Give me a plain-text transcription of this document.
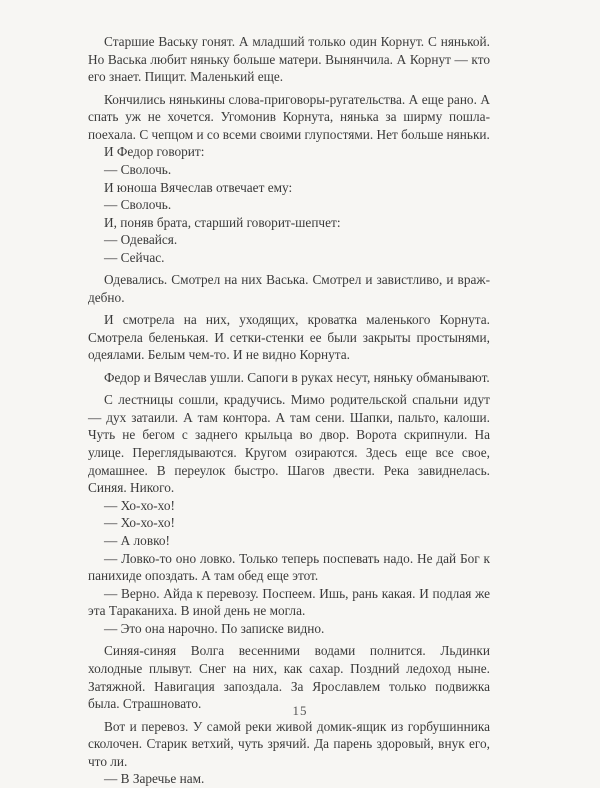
Старшие Ваську гонят. А младший только один Корнут. С нянькой. Но Васька любит няньку больше матери. Вынянчила. А Корнут — кто его знает. Пищит. Маленький еще.

Кончились нянькины слова-приговоры-ругательства. А еще рано. А спать уж не хочется. Угомонив Корнута, нянька за ширму пошла-поехала. С чепцом и со всеми своими глупостями. Нет больше няньки.

И Федор говорит:

— Сволочь.

И юноша Вячеслав отвечает ему:

— Сволочь.

И, поняв брата, старший говорит-шепчет:

— Одевайся.

— Сейчас.

Одевались. Смотрел на них Васька. Смотрел и завистливо, и враждебно.

И смотрела на них, уходящих, кроватка маленького Корнута. Смотрела беленькая. И сетки-стенки ее были закрыты простынями, одеялами. Белым чем-то. И не видно Корнута.

Федор и Вячеслав ушли. Сапоги в руках несут, няньку обманывают.

С лестницы сошли, крадучись. Мимо родительской спальни идут — дух затаили. А там контора. А там сени. Шапки, пальто, калоши. Чуть не бегом с заднего крыльца во двор. Ворота скрипнули. На улице. Переглядываются. Кругом озираются. Здесь еще все свое, домашнее. В переулок быстро. Шагов двести. Река завиднелась. Синяя. Никого.

— Хо-хо-хо!

— Хо-хо-хо!

— А ловко!

— Ловко-то оно ловко. Только теперь поспевать надо. Не дай Бог к панихиде опоздать. А там обед еще этот.

— Верно. Айда к перевозу. Поспеем. Ишь, рань какая. И подлая же эта Тараканиха. В иной день не могла.

— Это она нарочно. По записке видно.

Синяя-синяя Волга весенними водами полнится. Льдинки холодные плывут. Снег на них, как сахар. Поздний ледоход ныне. Затяжной. Навигация запоздала. За Ярославлем только подвижка была. Страшновато.

Вот и перевоз. У самой реки живой домик-ящик из горбушинника сколочен. Старик ветхий, чуть зрячий. Да парень здоровый, внук его, что ли.

— В Заречье нам.

15
